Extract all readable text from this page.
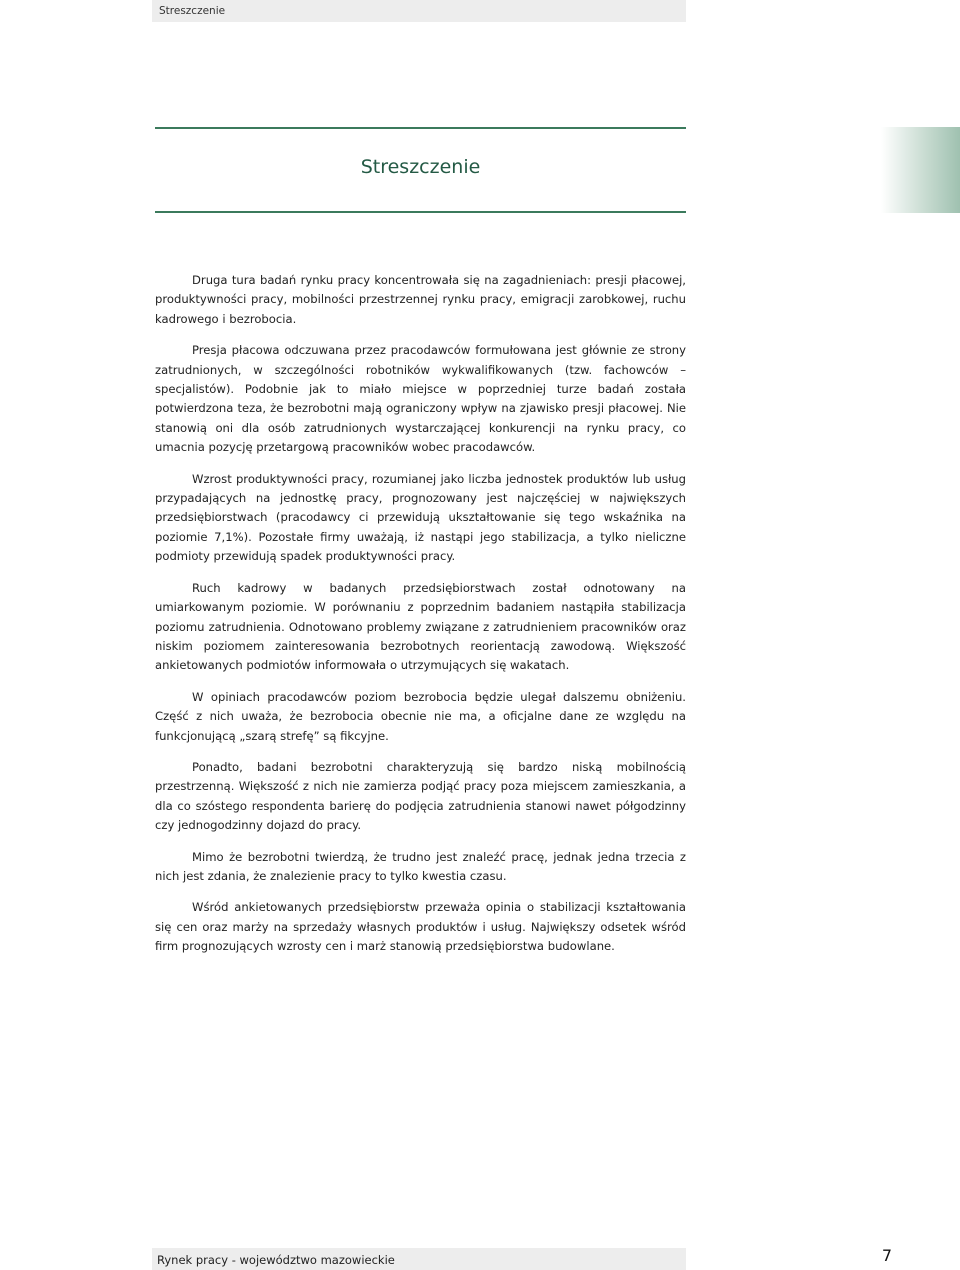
Streszczenie
Streszczenie

Druga tura badań rynku pracy koncentrowała się na zagadnieniach: presji płacowej, produktywności pracy, mobilności przestrzennej rynku pracy, emigracji zarobkowej, ruchu kadrowego i bezrobocia.

Presja płacowa odczuwana przez pracodawców formułowana jest głównie ze strony zatrudnionych, w szczególności robotników wykwalifikowanych (tzw. fachowców – specjalistów). Podobnie jak to miało miejsce w poprzedniej turze badań została potwierdzona teza, że bezrobotni mają ograniczony wpływ na zjawisko presji płacowej. Nie stanowią oni dla osób zatrudnionych wystarczającej konkurencji na rynku pracy, co umacnia pozycję przetargową pracowników wobec pracodawców.

Wzrost produktywności pracy, rozumianej jako liczba jednostek produktów lub usług przypadających na jednostkę pracy, prognozowany jest najczęściej w największych przedsiębiorstwach (pracodawcy ci przewidują ukształtowanie się tego wskaźnika na poziomie 7,1%). Pozostałe firmy uważają, iż nastąpi jego stabilizacja, a tylko nieliczne podmioty przewidują spadek produktywności pracy.

Ruch kadrowy w badanych przedsiębiorstwach został odnotowany na umiarkowanym poziomie. W porównaniu z poprzednim badaniem nastąpiła stabilizacja poziomu zatrudnienia. Odnotowano problemy związane z zatrudnieniem pracowników oraz niskim poziomem zainteresowania bezrobotnych reorientacją zawodową. Większość ankietowanych podmiotów informowała o utrzymujących się wakatach.

W opiniach pracodawców poziom bezrobocia będzie ulegał dalszemu obniżeniu. Część z nich uważa, że bezrobocia obecnie nie ma, a oficjalne dane ze względu na funkcjonującą „szarą strefę” są fikcyjne.

Ponadto, badani bezrobotni charakteryzują się bardzo niską mobilnością przestrzenną. Większość z nich nie zamierza podjąć pracy poza miejscem zamieszkania, a dla co szóstego respondenta barierę do podjęcia zatrudnienia stanowi nawet półgodzinny czy jednogodzinny dojazd do pracy.

Mimo że bezrobotni twierdzą, że trudno jest znaleźć pracę, jednak jedna trzecia z nich jest zdania, że znalezienie pracy to tylko kwestia czasu.

Wśród ankietowanych przedsiębiorstw przeważa opinia o stabilizacji kształtowania się cen oraz marży na sprzedaży własnych produktów i usług. Największy odsetek wśród firm prognozujących wzrosty cen i marż stanowią przedsiębiorstwa budowlane.

Rynek pracy - województwo mazowieckie	7
